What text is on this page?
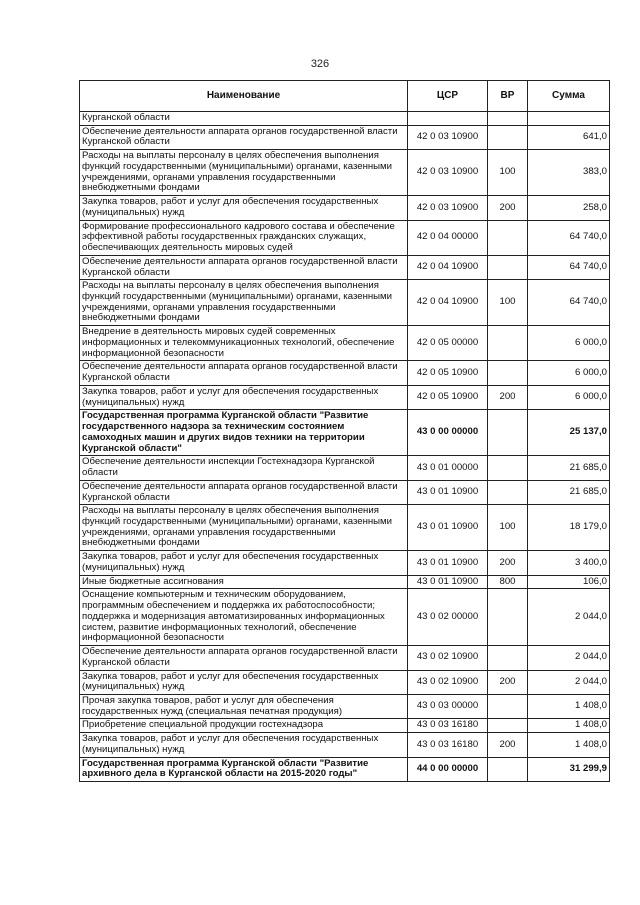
326
Наименование	ЦСР	ВР	Сумма
Курганской области			
Обеспечение деятельности аппарата органов государственной власти Курганской области	42 0 03 10900		641,0
Расходы на выплаты персоналу в целях обеспечения выполнения функций государственными (муниципальными) органами, казенными учреждениями, органами управления государственными внебюджетными фондами	42 0 03 10900	100	383,0
Закупка товаров, работ и услуг для обеспечения государственных (муниципальных) нужд	42 0 03 10900	200	258,0
Формирование профессионального кадрового состава и обеспечение эффективной работы государственных гражданских служащих, обеспечивающих деятельность мировых судей	42 0 04 00000		64 740,0
Обеспечение деятельности аппарата органов государственной власти Курганской области	42 0 04 10900		64 740,0
Расходы на выплаты персоналу в целях обеспечения выполнения функций государственными (муниципальными) органами, казенными учреждениями, органами управления государственными внебюджетными фондами	42 0 04 10900	100	64 740,0
Внедрение в деятельность мировых судей современных информационных и телекоммуникационных технологий, обеспечение информационной безопасности	42 0 05 00000		6 000,0
Обеспечение деятельности аппарата органов государственной власти Курганской области	42 0 05 10900		6 000,0
Закупка товаров, работ и услуг для обеспечения государственных (муниципальных) нужд	42 0 05 10900	200	6 000,0
Государственная программа Курганской области "Развитие государственного надзора за техническим состоянием самоходных машин и других видов техники на территории Курганской области"	43 0 00 00000		25 137,0
Обеспечение деятельности инспекции Гостехнадзора Курганской области	43 0 01 00000		21 685,0
Обеспечение деятельности аппарата органов государственной власти Курганской области	43 0 01 10900		21 685,0
Расходы на выплаты персоналу в целях обеспечения выполнения функций государственными (муниципальными) органами, казенными учреждениями, органами управления государственными внебюджетными фондами	43 0 01 10900	100	18 179,0
Закупка товаров, работ и услуг для обеспечения государственных (муниципальных) нужд	43 0 01 10900	200	3 400,0
Иные бюджетные ассигнования	43 0 01 10900	800	106,0
Оснащение компьютерным и техническим оборудованием, программным обеспечением и поддержка их работоспособности; поддержка и модернизация автоматизированных информационных систем, развитие информационных технологий, обеспечение информационной безопасности	43 0 02 00000		2 044,0
Обеспечение деятельности аппарата органов государственной власти Курганской области	43 0 02 10900		2 044,0
Закупка товаров, работ и услуг для обеспечения государственных (муниципальных) нужд	43 0 02 10900	200	2 044,0
Прочая закупка товаров, работ и услуг для обеспечения государственных нужд (специальная печатная продукция)	43 0 03 00000		1 408,0
Приобретение специальной продукции гостехнадзора	43 0 03 16180		1 408,0
Закупка товаров, работ и услуг для обеспечения государственных (муниципальных) нужд	43 0 03 16180	200	1 408,0
Государственная программа Курганской области "Развитие архивного дела в Курганской области на 2015-2020 годы"	44 0 00 00000		31 299,9
